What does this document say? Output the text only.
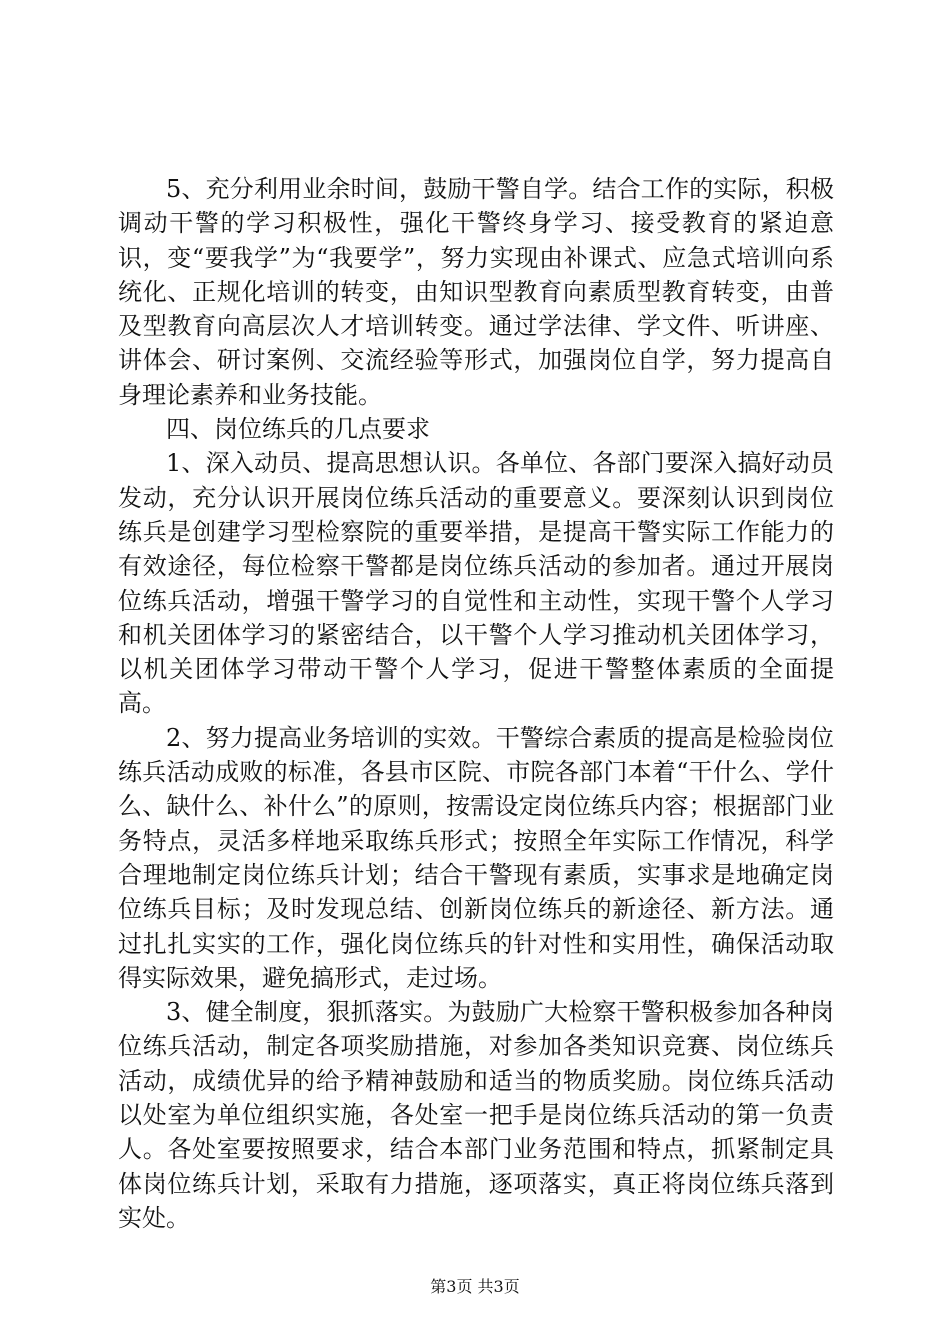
5、充分利用业余时间，鼓励干警自学。结合工作的实际，积极调动干警的学习积极性，强化干警终身学习、接受教育的紧迫意识，变“要我学”为“我要学”，努力实现由补课式、应急式培训向系统化、正规化培训的转变，由知识型教育向素质型教育转变，由普及型教育向高层次人才培训转变。通过学法律、学文件、听讲座、讲体会、研讨案例、交流经验等形式，加强岗位自学，努力提高自身理论素养和业务技能。

四、岗位练兵的几点要求

1、深入动员、提高思想认识。各单位、各部门要深入搞好动员发动，充分认识开展岗位练兵活动的重要意义。要深刻认识到岗位练兵是创建学习型检察院的重要举措，是提高干警实际工作能力的有效途径，每位检察干警都是岗位练兵活动的参加者。通过开展岗位练兵活动，增强干警学习的自觉性和主动性，实现干警个人学习和机关团体学习的紧密结合，以干警个人学习推动机关团体学习，以机关团体学习带动干警个人学习，促进干警整体素质的全面提高。

2、努力提高业务培训的实效。干警综合素质的提高是检验岗位练兵活动成败的标准，各县市区院、市院各部门本着“干什么、学什么、缺什么、补什么”的原则，按需设定岗位练兵内容；根据部门业务特点，灵活多样地采取练兵形式；按照全年实际工作情况，科学合理地制定岗位练兵计划；结合干警现有素质，实事求是地确定岗位练兵目标；及时发现总结、创新岗位练兵的新途径、新方法。通过扎扎实实的工作，强化岗位练兵的针对性和实用性，确保活动取得实际效果，避免搞形式，走过场。

3、健全制度，狠抓落实。为鼓励广大检察干警积极参加各种岗位练兵活动，制定各项奖励措施，对参加各类知识竞赛、岗位练兵活动，成绩优异的给予精神鼓励和适当的物质奖励。岗位练兵活动以处室为单位组织实施，各处室一把手是岗位练兵活动的第一负责人。各处室要按照要求，结合本部门业务范围和特点，抓紧制定具体岗位练兵计划，采取有力措施，逐项落实，真正将岗位练兵落到实处。

第3页 共3页
